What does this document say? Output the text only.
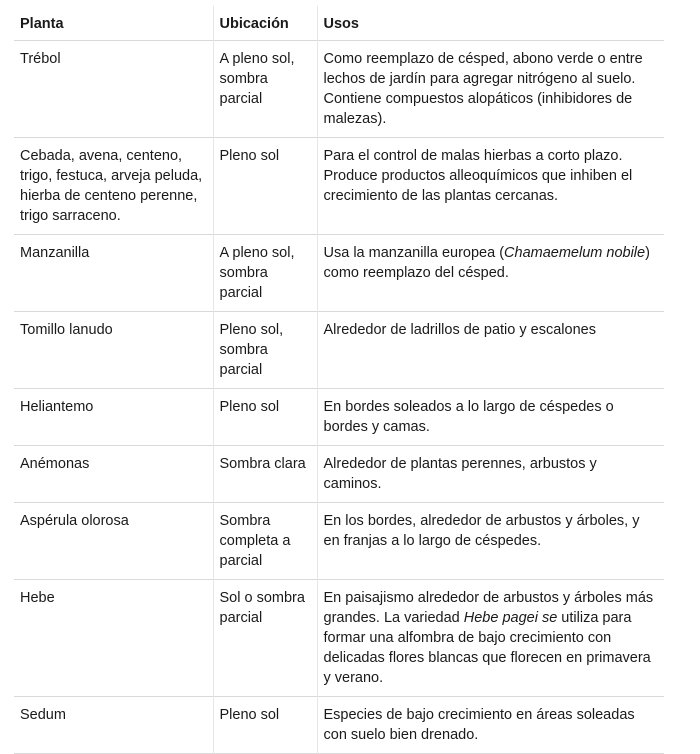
Planta	Ubicación	Usos
Trébol	A pleno sol, sombra parcial	Como reemplazo de césped, abono verde o entre lechos de jardín para agregar nitrógeno al suelo. Contiene compuestos alopáticos (inhibidores de malezas).
Cebada, avena, centeno, trigo, festuca, arveja peluda, hierba de centeno perenne, trigo sarraceno.	Pleno sol	Para el control de malas hierbas a corto plazo. Produce productos alleoquímicos que inhiben el crecimiento de las plantas cercanas.
Manzanilla	A pleno sol, sombra parcial	Usa la manzanilla europea (Chamaemelum nobile) como reemplazo del césped.
Tomillo lanudo	Pleno sol, sombra parcial	Alrededor de ladrillos de patio y escalones
Heliantemo	Pleno sol	En bordes soleados a lo largo de céspedes o bordes y camas.
Anémonas	Sombra clara	Alrededor de plantas perennes, arbustos y caminos.
Aspérula olorosa	Sombra completa a parcial	En los bordes, alrededor de arbustos y árboles, y en franjas a lo largo de céspedes.
Hebe	Sol o sombra parcial	En paisajismo alrededor de arbustos y árboles más grandes. La variedad Hebe pagei se utiliza para formar una alfombra de bajo crecimiento con delicadas flores blancas que florecen en primavera y verano.
Sedum	Pleno sol	Especies de bajo crecimiento en áreas soleadas con suelo bien drenado.
